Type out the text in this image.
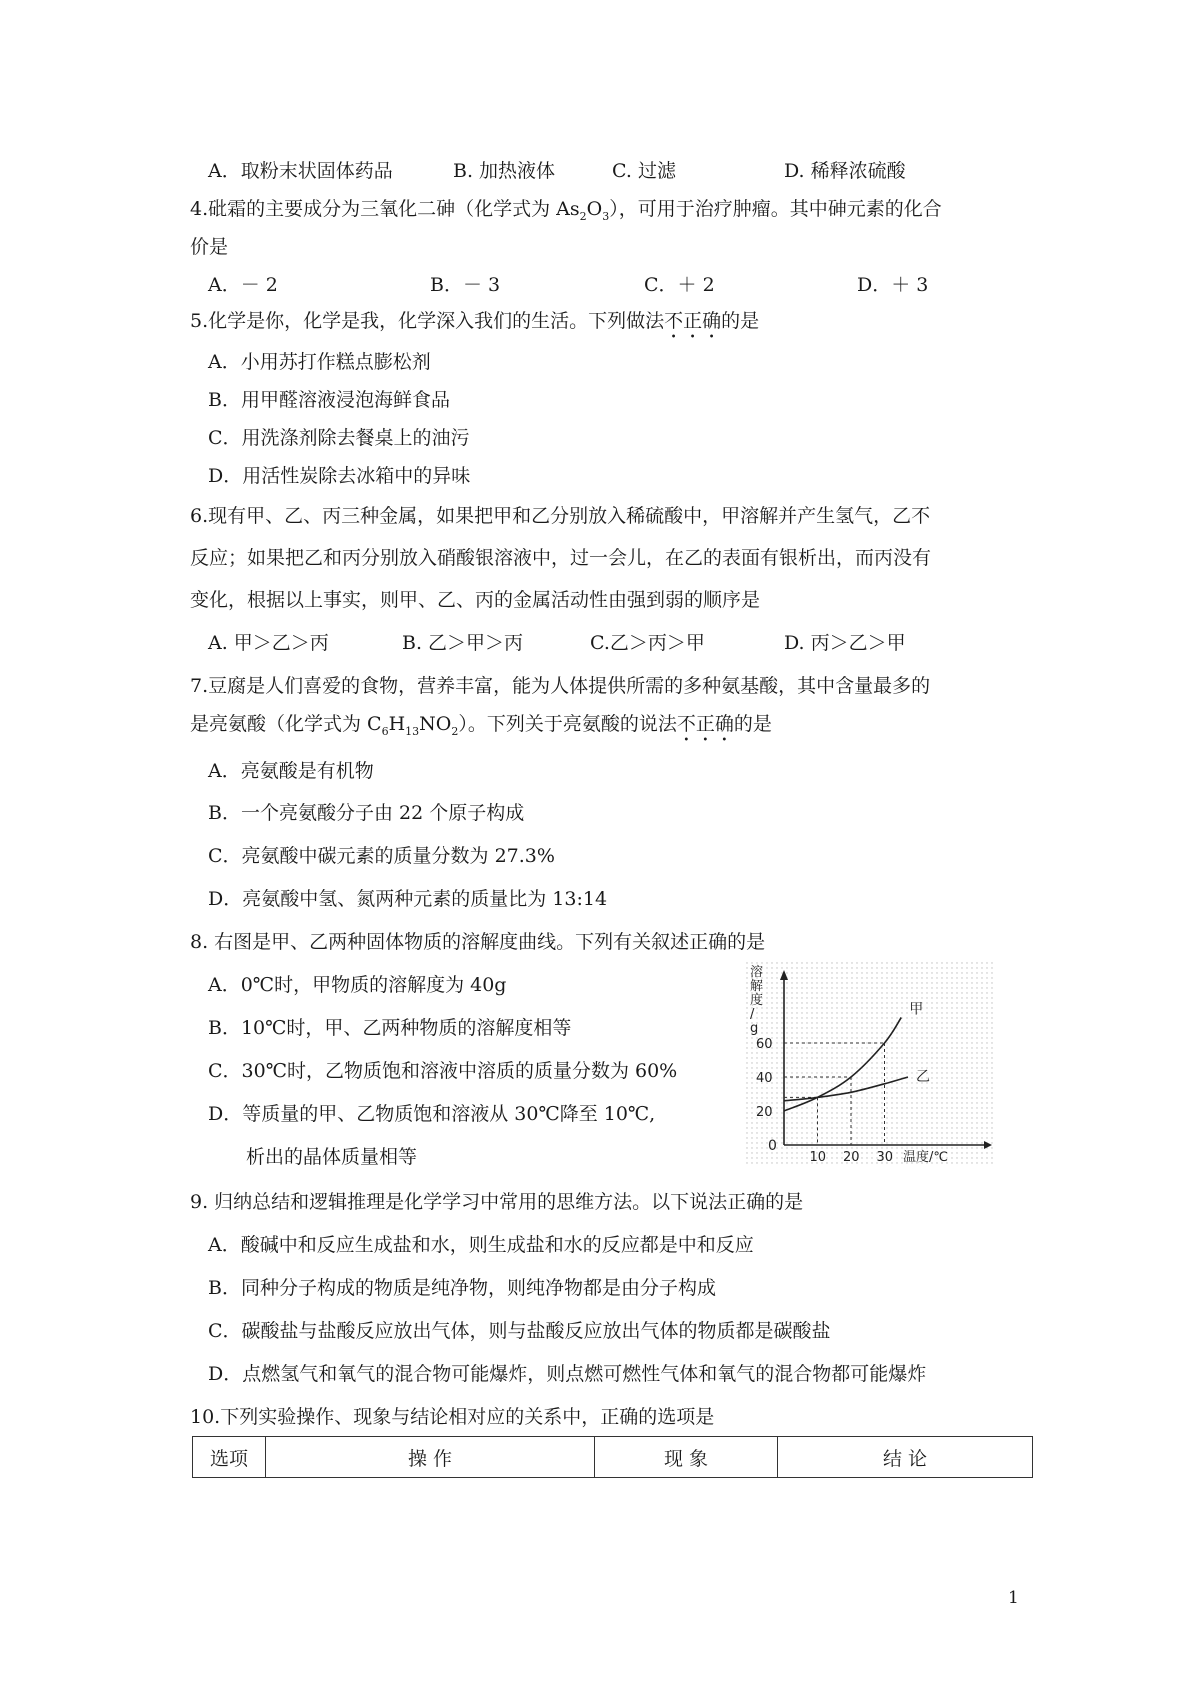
A．取粉末状固体药品	B. 加热液体	C. 过滤	D. 稀释浓硫酸
4.砒霜的主要成分为三氧化二砷（化学式为 $As_2O_3$），可用于治疗肿瘤。其中砷元素的化合
价是
A．－ 2	B．－ 3	C．＋ 2	D．＋ 3
5.化学是你，化学是我，化学深入我们的生活。下列做法不正确的是
A．小用苏打作糕点膨松剂
B．用甲醛溶液浸泡海鲜食品
C．用洗涤剂除去餐桌上的油污
D．用活性炭除去冰箱中的异味
6.现有甲、乙、丙三种金属，如果把甲和乙分别放入稀硫酸中，甲溶解并产生氢气，乙不
反应；如果把乙和丙分别放入硝酸银溶液中，过一会儿，在乙的表面有银析出，而丙没有
变化，根据以上事实，则甲、乙、丙的金属活动性由强到弱的顺序是
A. 甲＞乙＞丙	B. 乙＞甲＞丙	C.乙＞丙＞甲	D. 丙＞乙＞甲
7.豆腐是人们喜爱的食物，营养丰富，能为人体提供所需的多种氨基酸，其中含量最多的
是亮氨酸（化学式为 $C_6H_{13}NO_2$）。下列关于亮氨酸的说法不正确的是
A．亮氨酸是有机物
B．一个亮氨酸分子由 22 个原子构成
C．亮氨酸中碳元素的质量分数为 27.3%
D．亮氨酸中氢、氮两种元素的质量比为 13:14
8. 右图是甲、乙两种固体物质的溶解度曲线。下列有关叙述正确的是
A．0℃时，甲物质的溶解度为 40g
B．10℃时，甲、乙两种物质的溶解度相等
C．30℃时，乙物质饱和溶液中溶质的质量分数为 60%
D．等质量的甲、乙物质饱和溶液从 30℃降至 10℃,
析出的晶体质量相等
溶
解
度
/
g
0
甲
乙
10 20 30
20
40
60
温度/℃
9. 归纳总结和逻辑推理是化学学习中常用的思维方法。以下说法正确的是
A．酸碱中和反应生成盐和水，则生成盐和水的反应都是中和反应
B．同种分子构成的物质是纯净物，则纯净物都是由分子构成
C．碳酸盐与盐酸反应放出气体，则与盐酸反应放出气体的物质都是碳酸盐
D．点燃氢气和氧气的混合物可能爆炸，则点燃可燃性气体和氧气的混合物都可能爆炸
10.下列实验操作、现象与结论相对应的关系中，正确的选项是
选项	操 作	现 象	结 论
1
